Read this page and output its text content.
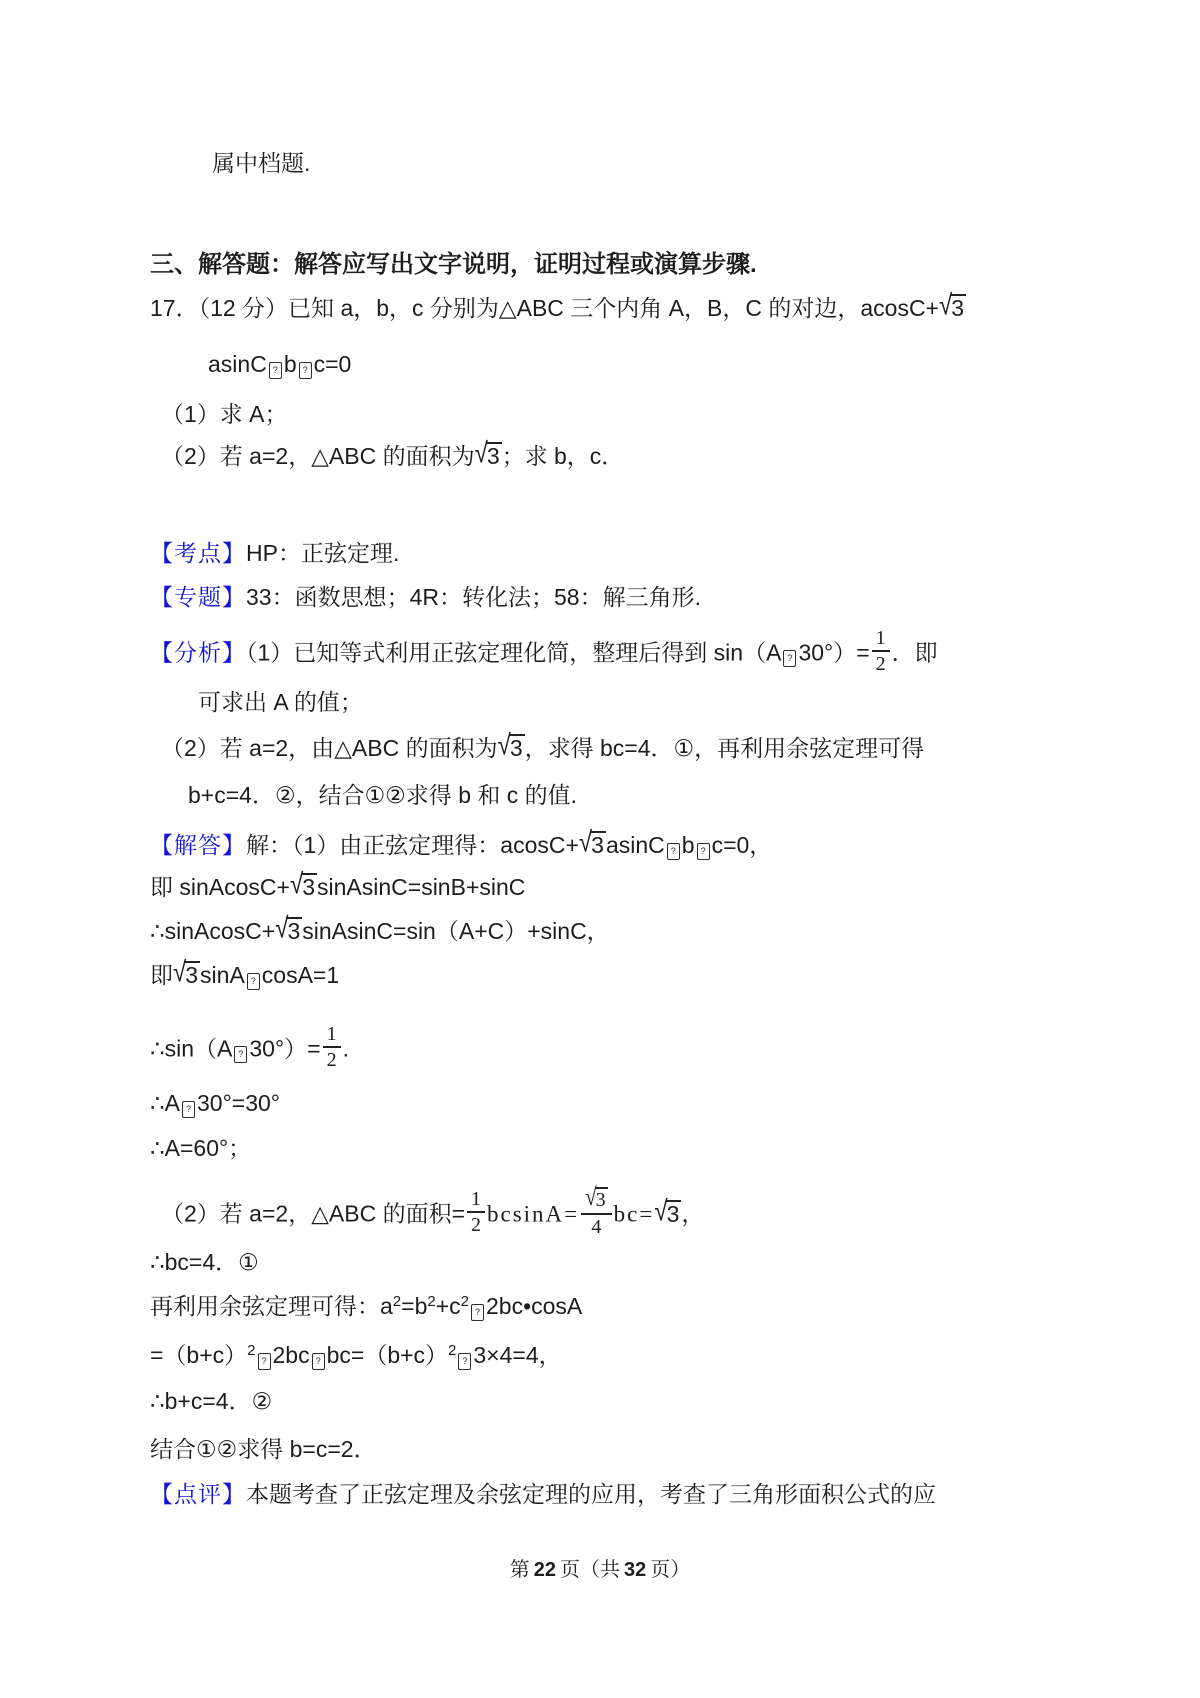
属中档题.
三、解答题：解答应写出文字说明，证明过程或演算步骤.
17．（12 分）已知 a，b，c 分别为△ABC 三个内角 A，B，C 的对边，acosC+√3
asinC ? b ? c=0
（1）求 A；
（2）若 a=2，△ABC 的面积为√3；求 b，c．
【考点】HP：正弦定理.
【专题】33：函数思想；4R：转化法；58：解三角形.
【分析】（1）已知等式利用正弦定理化简，整理后得到 sin（A ? $30^\circ)= \frac{1}{2}$ ．即
可求出 A 的值；
（2）若 a=2，由△ABC 的面积为√3，求得 bc=4．①，再利用余弦定理可得
b+c=4．②，结合①②求得 b 和 c 的值.
【解答】解：（1）由正弦定理得：acosC+√3asinC ? b ? c=0，
即 sinAcosC+√3sinAsinC=sinB+sinC
∴sinAcosC+√3sinAsinC=sin（A+C）+sinC，
即√3sinA ? cosA=1
∴sin（A ? $30^\circ)= \frac{1}{2}$ .
∴A ? 30°=30°
∴A=60°；
（2）若 a=2，△ABC 的面积= $\frac{1}{2} bcsinA= \frac{√3}{4} bc=√3$，
∴bc=4．①
再利用余弦定理可得：$a^2=b^2+c^2$? 2bc•cosA
$=(b+c)^2$? 2bc ? $bc=(b+c)^2$? 3×4=4，
∴b+c=4．②
结合①②求得 b=c=2．
【点评】本题考查了正弦定理及余弦定理的应用，考查了三角形面积公式的应
第 22 页（共 32 页）
